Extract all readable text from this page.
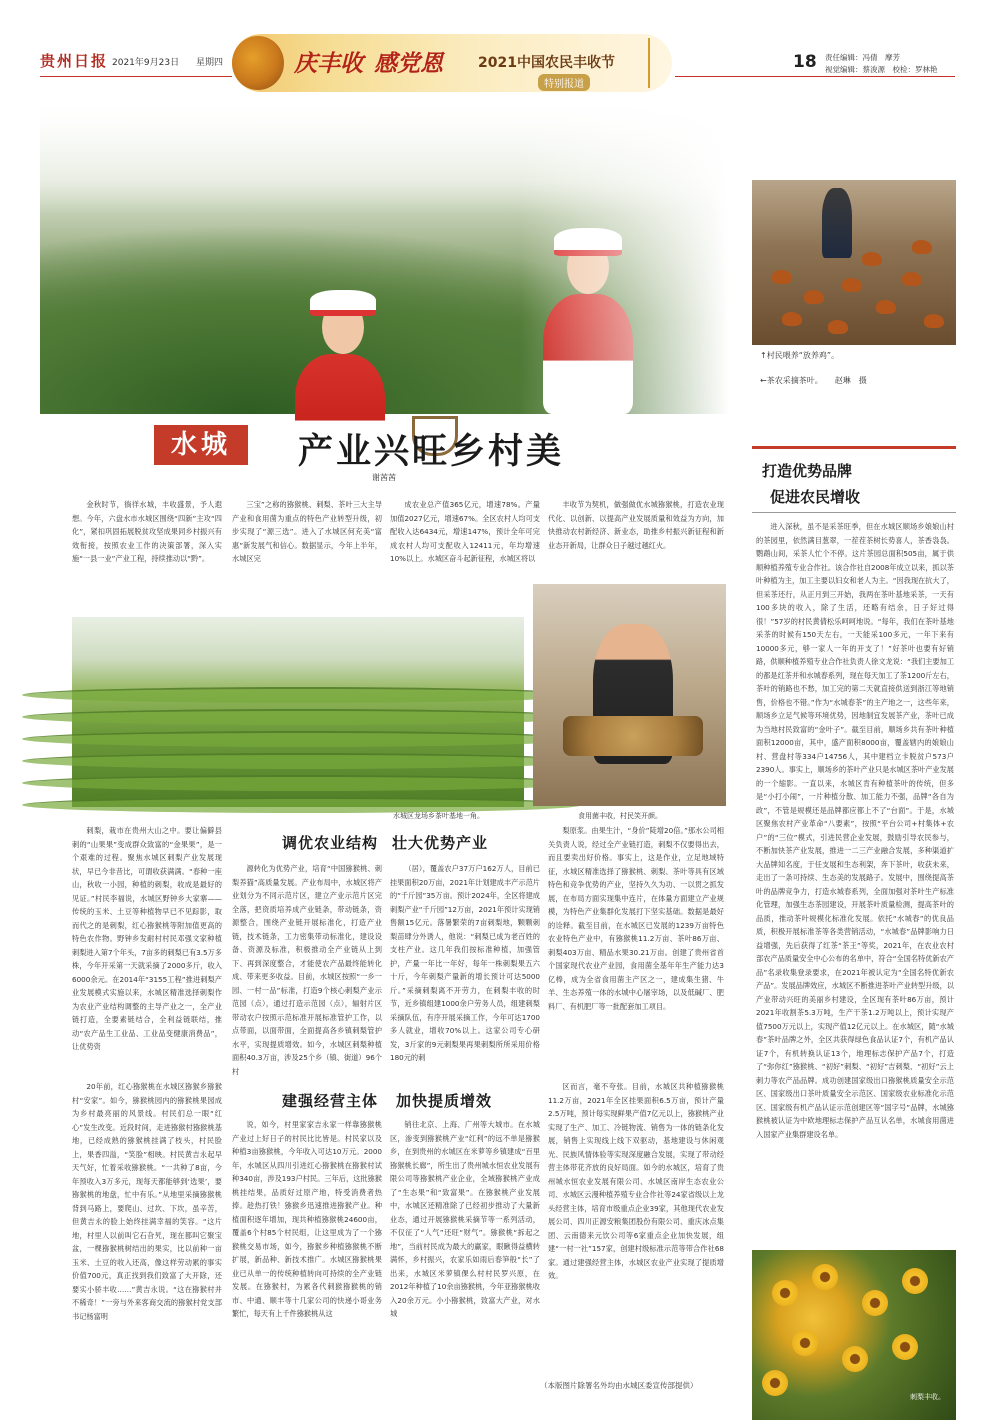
贵州日报 2021年9月23日 星期四	庆丰收 感党恩	2021中国农民丰收节
特别报道
18 责任编辑：冯倩　摩芳
视觉编辑：蔡浚源　校检：罗林艳
↑村民喂养“放养鸡”。
←茶农采摘茶叶。　　赵琳　摄
水城	产业兴旺乡村美
谢茜茜
金秋时节，徜徉水城，丰收盛景，予人遐想。今年，六盘水市水城区围绕“四新”主攻“四化”，紧扣巩固拓展脱贫攻坚成果同乡村振兴有效衔接，按照农业工作的决策部署，深入实施“一县一业”产业工程，持续推动以“黔”。
三宝”之称的猕猴桃、刺梨、茶叶三大主导产业和食用菌为重点的特色产业转型升级，初步实现了“源三选”。进入了水城区何充美“富惠”新发展气和信心。数据显示，今年上半年，水城区完
成农业总产值365亿元，增速78%。产量加值2027亿元，增速67%。全区农村人均可支配收入达6434元，增速147%，预计全年可完成农村人均可支配收入12411元，年均增速10%以上。水城区奋斗起新征程，水城区将以
丰收节为契机，做强做优水城猕猴桃，打造农业现代化、以创新、以提高产业发展质量和效益为方向，加快推动农村新经济、新业态，助推乡村振兴新征程和新业态开新局，让群众日子越过越红火。
水城区龙场乡茶叶基地一角。	食用菌丰收，村民笑开颜。
调优农业结构 壮大优势产业
刺梨，栽市在贵州大山之中。要让偏僻县刺的“山果果”变成群众致富的“金果果”，是一个艰难的过程。聚焦水城区刺梨产业发展现状，早已今非昔比，可谓收获满满。“春种一座山，秋收一小园，种植的刺梨，收成是最好的见证。”村民李福说，水城区野钟乡大家寨——传统的玉米、土豆等种植物早已不见踪影，取而代之的是刺梨，红心猕猴桃等附加值更高的特色农作物。野钟乡发耐村村民邓强文家种植刺梨进入第7个年头，7亩多的刺梨已有3.5万多株，今年开采第一天就采摘了2000多斤，收入6000余元。在2014年“3155工程”推进刺梨产业发展模式实施以来，水城区精准选择刺梨作为农业产业结构调整的主导产业之一，全产业链打造，全要素链结合，全利益链联结，推动“农产品生工业品、工业品变健康消费品”，让优势资
源转化为优势产业，培育“中国猕猴桃、刺梨养猫”高质量发展。产业布局中，水城区将产业划分为不同示范片区，建立产业示范片区完全落，把资质培养成产业链条，带动链条，资源整合，围绕产业链开展标准化，打造产业链，技术链条，工力密集带动标准化，建设设备、资源及标准，积极推动全产业链从上到下、再到深度整合，才能使农产品最终能转化成、带来更多收益。目前，水城区按照“一乡一园、一村一品”标准，打造9个核心刺梨产业示范园（点），通过打造示范园（点），辐射片区带动农户按照示范标准开展标准管护工作，以点带面，以面带面，全面提高各乡镇刺梨管护水平，实现提质增效。如今，水城区刺梨种植面积40.3万亩，涉及25个乡（镇、街道）96个村
（居），覆盖农户37万户162万人，目前已挂果面积20万亩，2021年计划建成丰产示范片的“千斤园”35万亩。预计2024年，全区将建成刺梨产业“千斤园”12万亩，2021年预计实现销售额15亿元。落暑繁荣的7亩刺梨地，颗颗刺梨苗肆分外诱人，他说：“刺梨已成为老百姓的支柱产业。这几年我们按标准种植，加强管护，产量一年比一年好，每年一株刺梨果五六十斤，今年刺梨产量新的增长预计可达5000斤。”采摘刺梨离不开劳力，在刺梨丰收的时节，近乡镇组建1000余户劳务人员，组建刺梨采摘队伍，有序开展采摘工作，今年可达1700多人就业，增收70%以上。这家公司专心研发，3斤家的9元刺梨果再果刺梨所所采用价格180元的刺
梨原浆。由果生汁，“身价”陡增20倍。”那水公司相关负责人说，经过全产业链打造，刺梨不仅要得出去，而且要卖出好价格。事实上，这是作业，立足地域特征，水城区精准选择了猕猴桃、刺梨、茶叶等具有区域特色和竞争优势的产业，坚持久久为功、一以贯之抓发展，在布局方面实现集中连片，在体量方面建立产业规模，为特色产业集群化发展打下坚实基础。数据是最好的诠释。截至目前，在水城区已发展的1239万亩特色农业特色产业中，有猕猴桃11.2万亩、茶叶86万亩、刺梨403万亩、精品水果30.21万亩。创建了贵州省首个国家现代农业产业园，食用菌全基年年生产能力达3亿棒，成为全省食用菌主产区之一，建成集生猪、牛羊、生态养殖一体的水城中心屠宰场，以及低碱厂、肥料厂、有机肥厂等一批配套加工项目。
建强经营主体 加快提质增效
20年前，红心猕猴桃在水城区猕猴乡猕猴村“安家”。如今，猕猴桃园内的猕猴桃果园成为乡村最亮丽的风景线。村民们总一眼“红心”发生改变。近段时间，走进猕猴村猕猴桃基地，已经成熟的猕猴桃挂满了枝头，村民脸上，果香四溢，“笑脸”相映。村民黄吉永起早天气好，忙着采收猕猴桃。“一共种了8亩，今年预收入3万多元，现每天都能够到‘选果’，要猕猴桃的地盘，忙中有乐。”从地里采摘猕猴桃背到马路上，要爬山、过坎、下坎，虽辛苦，但黄吉永的脸上始终挂满幸福的笑容。“这片地，村里人以前叫它石旮旯，现在都叫它聚宝盆，一棵猕猴桃树结出的果实，比以前种一亩玉米、土豆的收入还高，像这样劳动累的事实价值700元，真正找到我们致富了大开除，还要实小骄丰收……”黄吉永说。“这在猕猴村并不稀奇！”一旁与外来客商交流的猕猴村党支部书记杨富明
说，如今，村里家家吉永家一样靠猕猴桃产业过上好日子的村民比比皆是。村民家以及种植3亩猕猴桃，今年收入可达10万元。2000年，水城区从四川引进红心猕猴桃在猕猴村试种340亩，涉及193户村民。三年后，这批猕猴桃挂结果，品质好过原产地，特受消费者热捧。趁热打铁！猕猴乡迅速推进猕猴产业。种植面积逐年增加，现共种植猕猴桃24600亩，覆盖6个村85个村民组，让这里成为了一个猕猴桃交易市场，如今，猕猴乡种植猕猴桃不断扩展，新品种、新技术推广。水城区猕猴桃果业已从单一的传统种植转向可持续的全产业链发展。在猕猴村，为累各代刺猴猕猴桃的销市、中通、顺丰等十几家公司的快递小哥业务繁忙，每天有上千件猕猴桃从这
销往北京、上海、广州等大城市。在水城区，渗变到猕猴桃产业“红利”的远不单是猕猴乡，在到贵州的水城区在米萝等乡镇建成“百里猕猴桃长廊”，所生出了贵州城水恒农业发展有限公司等猕猴桃产业企业，全域猕猴桃产业成了“生态果”和“致富果”。在猕猴桃产业发展中，水城区还精准除了已经初步推动了大量新业态，通过开展猕猴桃采摘节等一系列活动，不仅征了“人气”还旺“财气”。猕猴桃“拆起之地”，当前村民成为最大的赢家，眼瞅得益横转满怀，乡村振兴，农家乐如雨后春笋般“长”了出来，水城区米萝镇倮么村村民罗兴原，在2012年种植了10余亩猕猴桃，今年亚猕猴桃收入20余万元。小小猕猴桃，致富大产业，对水城
区而言，毫不夸张。目前，水城区共种植猕猴桃11.2万亩，2021年全区挂果面积6.5万亩，预计产量2.5万吨，预计每实现鲜果产值7亿元以上，猕猴桃产业实现了生产、加工、冷链物流、销售为一体的链条化发展，销售上实现线上线下双驱动，基地建设与休闲观光、民族风情体验等实现深度融合发展，实现了带动经营主体带花齐放的良好局面。如今的水城区，培育了贵州城水恒农业发展有限公司、水城区南岸生态农业公司、水城区云漫种植养殖专业合作社等24家省级以上龙头经营主体，培育市级重点企业39家，其他现代农业发展公司、四川正源安粮集团股份有限公司、重庆冰点集团、云南德来元饮公司等6家重点企业加快发展，组建“一村一社”157家，创建村级标准示范等带合作社68家。通过建强经营主体，水城区农业产业实现了提质增效。
（本版图片除署名外均由水城区委宣传部提供）
打造优势品牌
促进农民增收
进入深秋，虽不是采茶旺季，但在水城区顺场乡娘娘山村的茶园里，依然满目葱翠，一茬茬茶树长势喜人，茶香袅袅。鹦鹉山间，采茶人忙个不停。这片茶园总面积505亩，属于供顺种植养殖专业合作社。该合作社自2008年成立以来，抓以茶叶种植为主，加工主要以妇女和老人为主。“因我现在抗大了，但采茶还行，从正月到三开始，我两在茶叶基地采茶，一天有100多块的收入，除了生活，还略有结余，日子好过得很！”57岁的村民黄倩松乐呵呵地说。“每年，我们在茶叶基地采茶的时候有150天左右，一天能采100多元，一年下来有10000多元，够一家人一年的开支了！”好茶叶也要有好销路，供顺种植养殖专业合作社负责人徐文龙说：“我们主要加工的都是红茶并和水城春系列，现在每天加工了茶1200斤左右，茶叶的销路也不愁，加工完的第二天就直接供送到浙江等地销售，价格也不错。”作为“水城春茶”的主产地之一，这些年来，顺场乡立足气候等环境优势，因地制宜发展茶产业，茶叶已成为当地村民致富的“金叶子”。截至目前，顺场乡共有茶叶种植面积12000亩，其中，盛产面积8000亩，覆盖辖内的娘娘山村、营盘村等334户14756人，其中建档立卡脱贫户573户2390人。事实上，顺场乡的茶叶产业只是水城区茶叶产业发展的一个缩影。一直以来，水城区肯有种植茶叶的传统，但多是“小打小闹”，一片种植分散、加工能力不强，品牌“各自为政”，不管是规模还是品牌都应都上不了“台面”。于是，水城区聚焦农村产业革命“八要素”，按照“平台公司+村集体+农户”的“三位”模式，引进民营企业发展，鼓励引导农民参与，不断加快茶产业发展，推进一二三产业融合发展，多种渠道扩大品牌知名度，于任支展和生态利架，奔下茶叶，收获未来，走出了一条可持续、生态美的发展路子。发展中，围绕提高茶叶的品牌竞争力，打造水城春系列，全面加强对茶叶生产标准化管理，加强生态茶园建设，开展茶叶质量检测，提高茶叶的品质，推动茶叶规模化标准化发展。依托“水城春”的优良品质，积极开展标准茶等各类营销活动，“水城春”品牌影响力日益增强，先后获得了红茶“茶王”等奖，2021年，在农业农村部农产品质量安全中心公布的名单中，符合“全国名特优新农产品”名录收集登录要求，在2021年被认定为“全国名特优新农产品”。发展品牌效应，水城区不断推进茶叶产业转型升级，以产业带动兴旺的美丽乡村建设，全区现有茶叶86万亩，预计2021年收割茶5.3万吨，生产干茶1.2万吨以上，预计实现产值7500万元以上，实现产值12亿元以上。在水城区，随“水城春”茶叶品牌之外，全区共获得绿色食品认证7个，有机产品认证7个，有机转换认证13个，地理标志保护产品7个，打造了“弥你红”猕猴桃、“初好”刺梨、“初好”吉刺梨、“初好”云上刺力等农产品品牌。成功创建国家级出口猕猴桃质量安全示范区、国家级出口茶叶质量安全示范区、国家级农业标准化示范区、国家级有机产品认证示范创建区等“国字号”品牌，水城猕猴桃被认证为中欧地理标志保护产品互认名单，水城食用菌进入国家产业集群建设名单。
刺梨丰收。
